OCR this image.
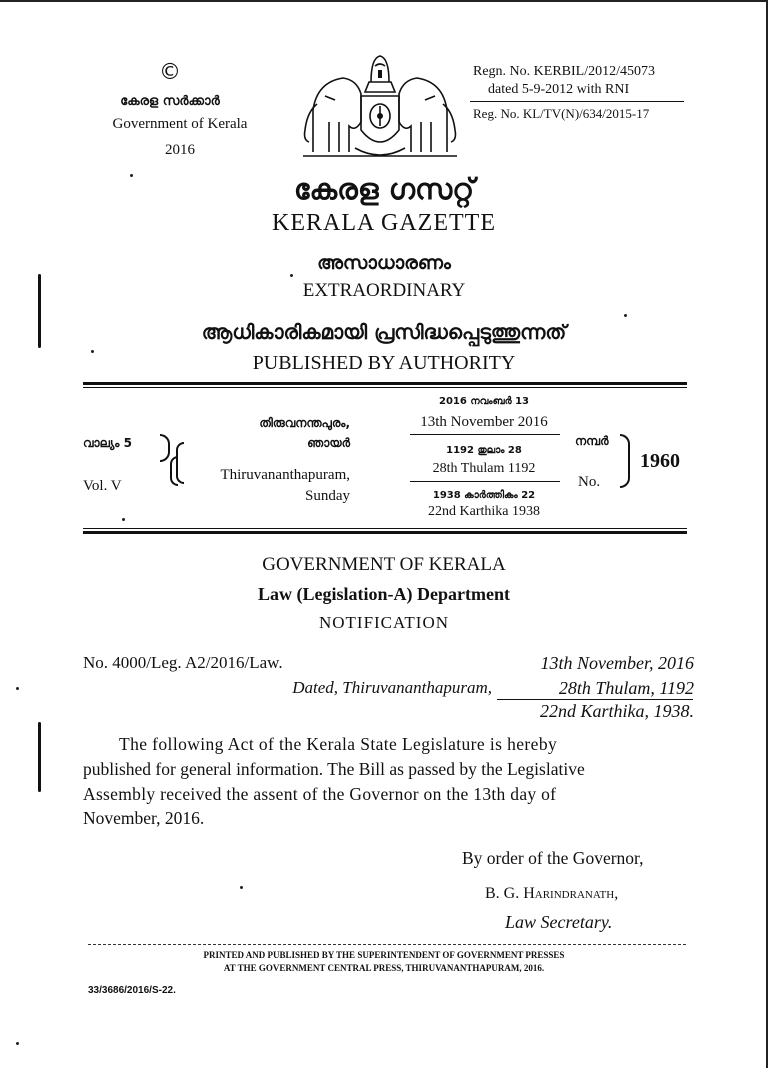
©
കേരള സർക്കാർ
Government of Kerala
2016
Regn. No. KERBIL/2012/45073
dated 5-9-2012 with RNI
Reg. No. KL/TV(N)/634/2015-17
കേരള ഗസറ്റ്
KERALA GAZETTE
അസാധാരണം
EXTRAORDINARY
ആധികാരികമായി പ്രസിദ്ധപ്പെടുത്തുന്നത്
PUBLISHED BY AUTHORITY
വാല്യം 5
Vol. V
തിരുവനന്തപുരം,
ഞായർ
Thiruvananthapuram,
Sunday
2016 നവംബർ 13
13th November 2016
1192 തുലാം 28
28th Thulam 1192
1938 കാർത്തികം 22
22nd Karthika 1938
നമ്പർ
No.
1960
GOVERNMENT OF KERALA
Law (Legislation-A) Department
NOTIFICATION
No. 4000/Leg. A2/2016/Law.	13th November, 2016
Dated, Thiruvananthapuram,	28th Thulam, 1192
22nd Karthika, 1938.
The following Act of the Kerala State Legislature is hereby
published for general information. The Bill as passed by the Legislative
Assembly received the assent of the Governor on the 13th day of
November, 2016.
By order of the Governor,
B. G. Harindranath,
Law Secretary.
PRINTED AND PUBLISHED BY THE SUPERINTENDENT OF GOVERNMENT PRESSES
AT THE GOVERNMENT CENTRAL PRESS, THIRUVANANTHAPURAM, 2016.
33/3686/2016/S-22.
